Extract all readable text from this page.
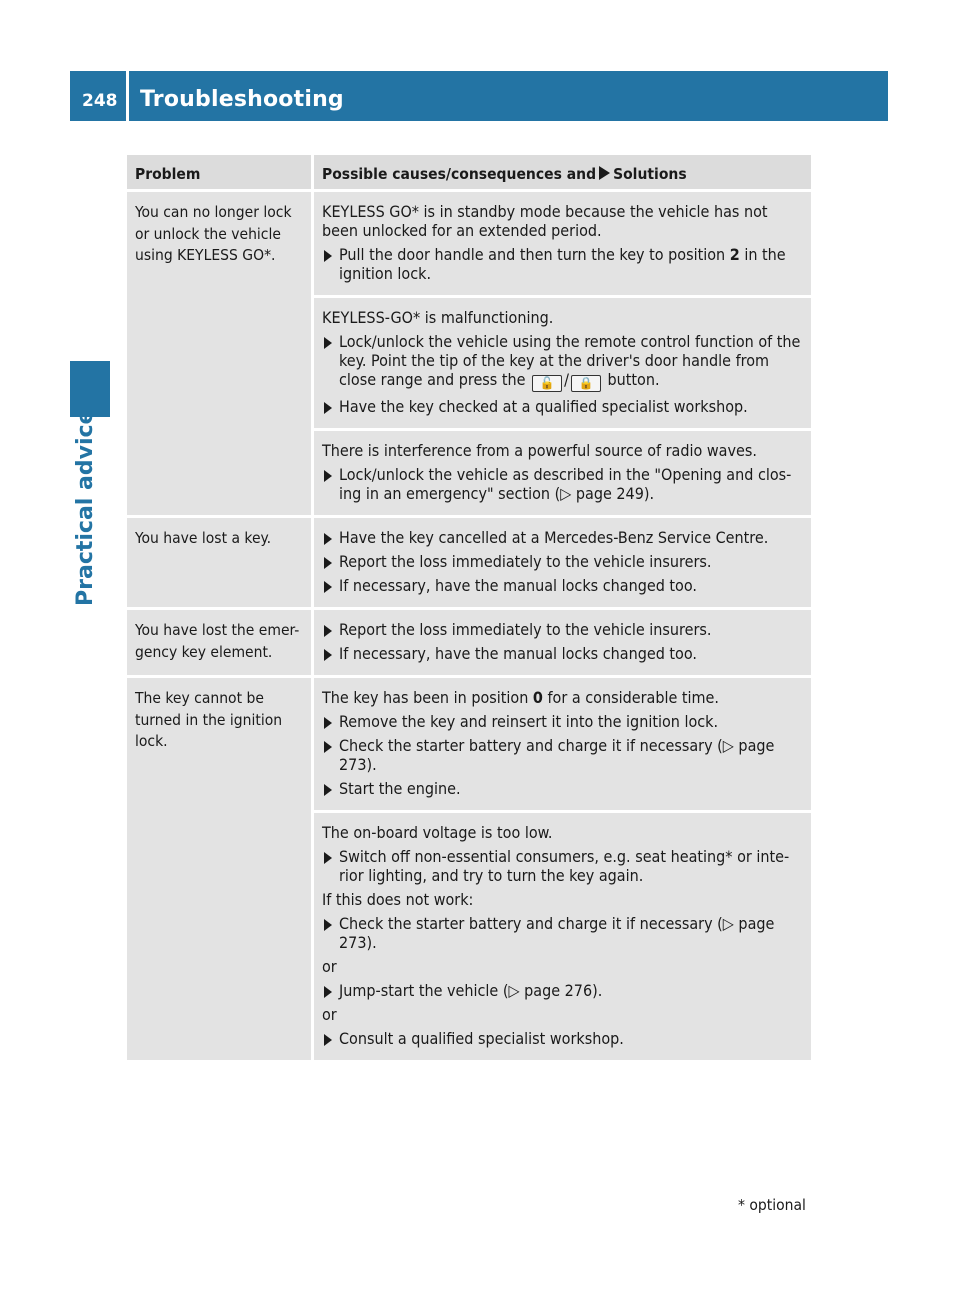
248 Troubleshooting
Practical advice
Problem	Possible causes/consequences and Solutions
You can no longer lock or unlock the vehicle using KEYLESS GO*.

KEYLESS GO* is in standby mode because the vehicle has not been unlocked for an extended period.

Pull the door handle and then turn the key to position 2 in the ignition lock.

KEYLESS-GO* is malfunctioning.

Lock/unlock the vehicle using the remote control function of the key. Point the tip of the key at the driver's door handle from close range and press the 🔓 / 🔒 button.
Have the key checked at a qualified specialist workshop.

There is interference from a powerful source of radio waves.

Lock/unlock the vehicle as described in the "Opening and clos-ing in an emergency" section (▷ page 249).
You have lost a key.	Have the key cancelled at a Mercedes-Benz Service Centre.
Report the loss immediately to the vehicle insurers.
If necessary, have the manual locks changed too.
You have lost the emer-gency key element.
Report the loss immediately to the vehicle insurers.
If necessary, have the manual locks changed too.
The key cannot be turned in the ignition lock.

The key has been in position 0 for a considerable time.

Remove the key and reinsert it into the ignition lock.
Check the starter battery and charge it if necessary (▷ page 273).
Start the engine.

The on-board voltage is too low.

Switch off non-essential consumers, e.g. seat heating* or inte-rior lighting, and try to turn the key again.

If this does not work:

Check the starter battery and charge it if necessary (▷ page 273).

or

Jump-start the vehicle (▷ page 276).

or

Consult a qualified specialist workshop.
* optional
